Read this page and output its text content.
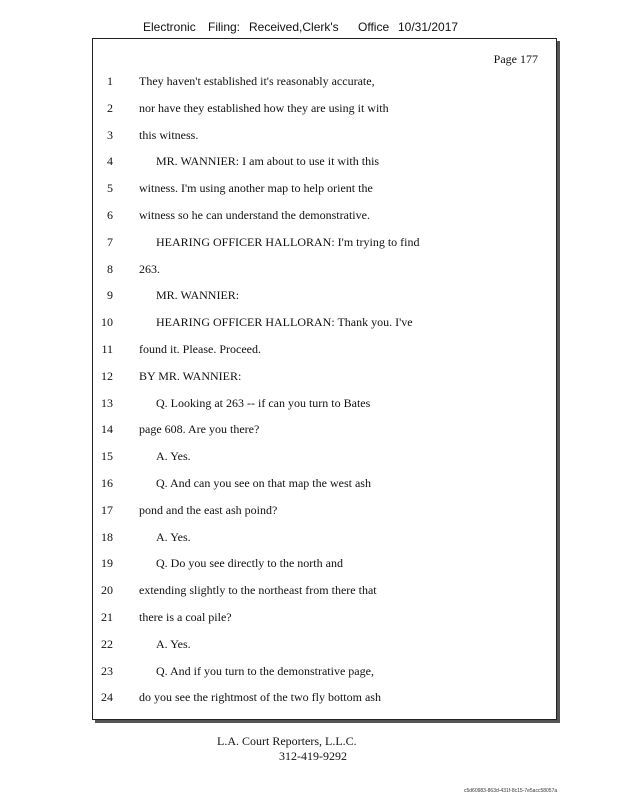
Electronic Filing: Received,Clerk's Office 10/31/2017
Page 177
1 They haven't established it's reasonably accurate,
2 nor have they established how they are using it with
3 this witness.
4	MR. WANNIER: I am about to use it with this
5 witness. I'm using another map to help orient the
6 witness so he can understand the demonstrative.
7	HEARING OFFICER HALLORAN: I'm trying to find
8 263.
9	MR. WANNIER:
10	HEARING OFFICER HALLORAN: Thank you. I've
11 found it. Please. Proceed.
12 BY MR. WANNIER:
13	Q. Looking at 263 -- if can you turn to Bates
14 page 608. Are you there?
15	A. Yes.
16	Q. And can you see on that map the west ash
17 pond and the east ash poind?
18	A. Yes.
19	Q. Do you see directly to the north and
20 extending slightly to the northeast from there that
21 there is a coal pile?
22	A. Yes.
23	Q. And if you turn to the demonstrative page,
24 do you see the rightmost of the two fly bottom ash
L.A. Court Reporters, L.L.C.
312-419-9292
c5d60983-863d-431f-8c15-7e5acc58057a
